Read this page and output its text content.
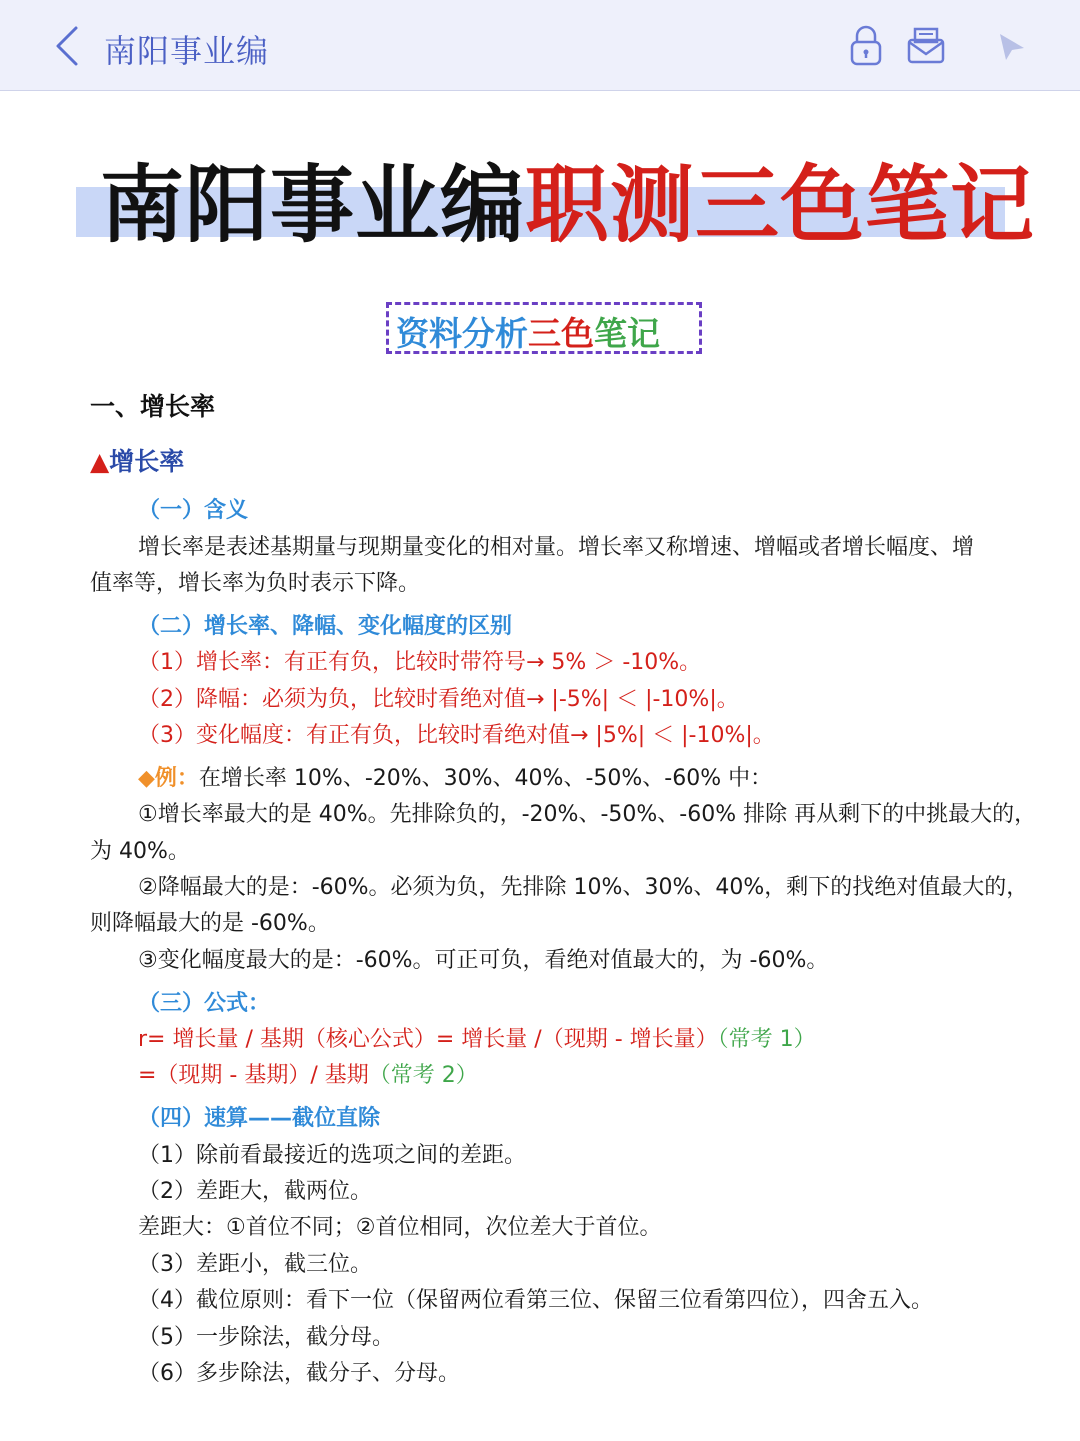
南阳事业编
南阳事业编职测三色笔记
资料分析三色笔记
一、增长率
▲增长率
（一）含义
增长率是表述基期量与现期量变化的相对量。增长率又称增速、增幅或者增长幅度、增
值率等，增长率为负时表示下降。
（二）增长率、降幅、变化幅度的区别
（1）增长率：有正有负，比较时带符号→ 5% ＞ -10%。
（2）降幅：必须为负，比较时看绝对值→ |-5%| ＜ |-10%|。
（3）变化幅度：有正有负，比较时看绝对值→ |5%| ＜ |-10%|。
◆例：在增长率 10%、-20%、30%、40%、-50%、-60% 中：
①增长率最大的是 40%。先排除负的，-20%、-50%、-60% 排除 再从剩下的中挑最大的，
为 40%。
②降幅最大的是：-60%。必须为负，先排除 10%、30%、40%，剩下的找绝对值最大的，
则降幅最大的是 -60%。
③变化幅度最大的是：-60%。可正可负，看绝对值最大的，为 -60%。
（三）公式：
r= 增长量 / 基期（核心公式）= 增长量 /（现期 - 增长量）（常考 1）
=（现期 - 基期）/ 基期（常考 2）
（四）速算——截位直除
（1）除前看最接近的选项之间的差距。
（2）差距大，截两位。
差距大：①首位不同；②首位相同，次位差大于首位。
（3）差距小，截三位。
（4）截位原则：看下一位（保留两位看第三位、保留三位看第四位），四舍五入。
（5）一步除法，截分母。
（6）多步除法，截分子、分母。
